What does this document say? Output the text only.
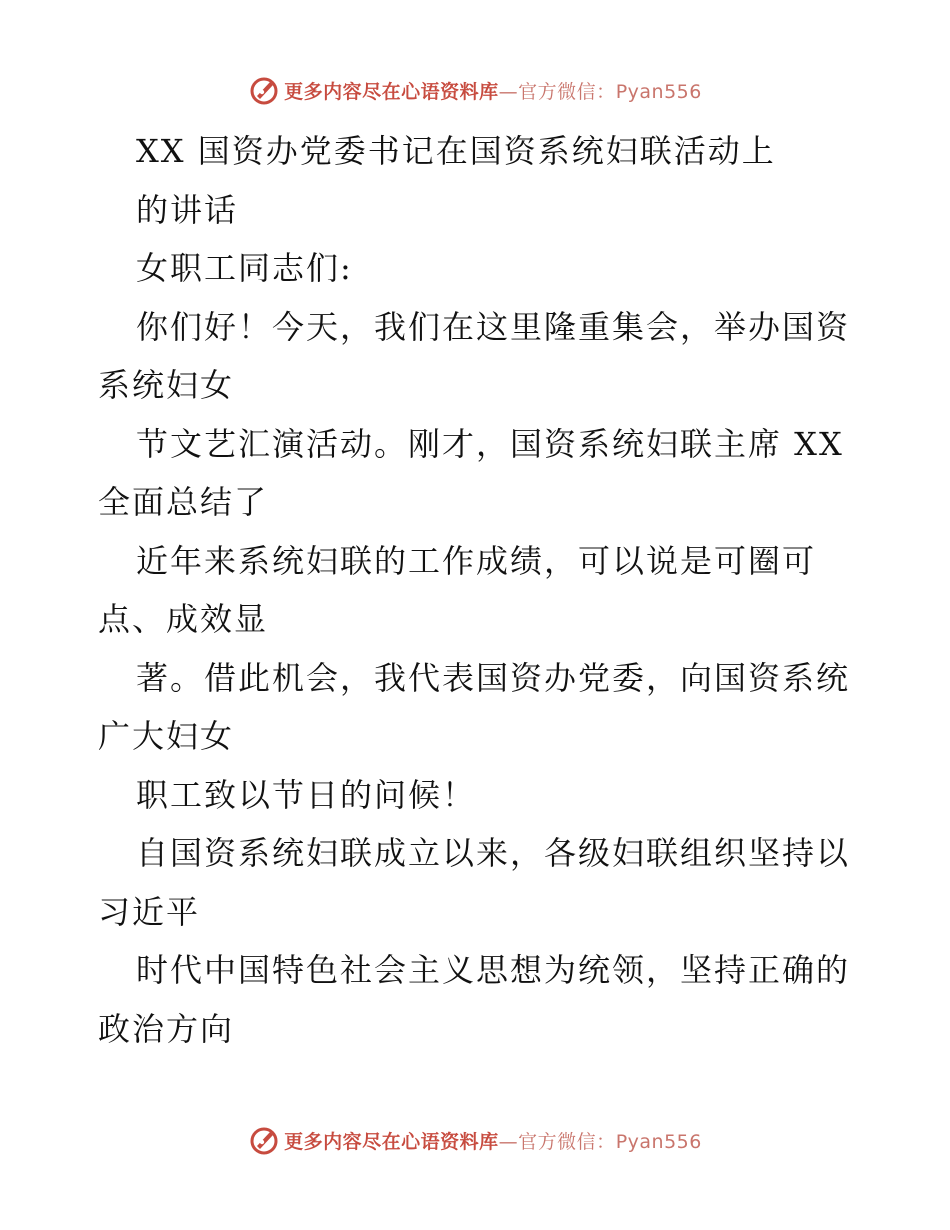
更多内容尽在心语资料库—官方微信：Pyan556
XX 国资办党委书记在国资系统妇联活动上
的讲话
女职工同志们:
你们好！今天，我们在这里隆重集会，举办国资
系统妇女
节文艺汇演活动。刚才，国资系统妇联主席 XX
全面总结了
近年来系统妇联的工作成绩，可以说是可圈可
点、成效显
著。借此机会，我代表国资办党委，向国资系统
广大妇女
职工致以节日的问候！
自国资系统妇联成立以来，各级妇联组织坚持以
习近平
时代中国特色社会主义思想为统领，坚持正确的
政治方向
更多内容尽在心语资料库—官方微信：Pyan556
